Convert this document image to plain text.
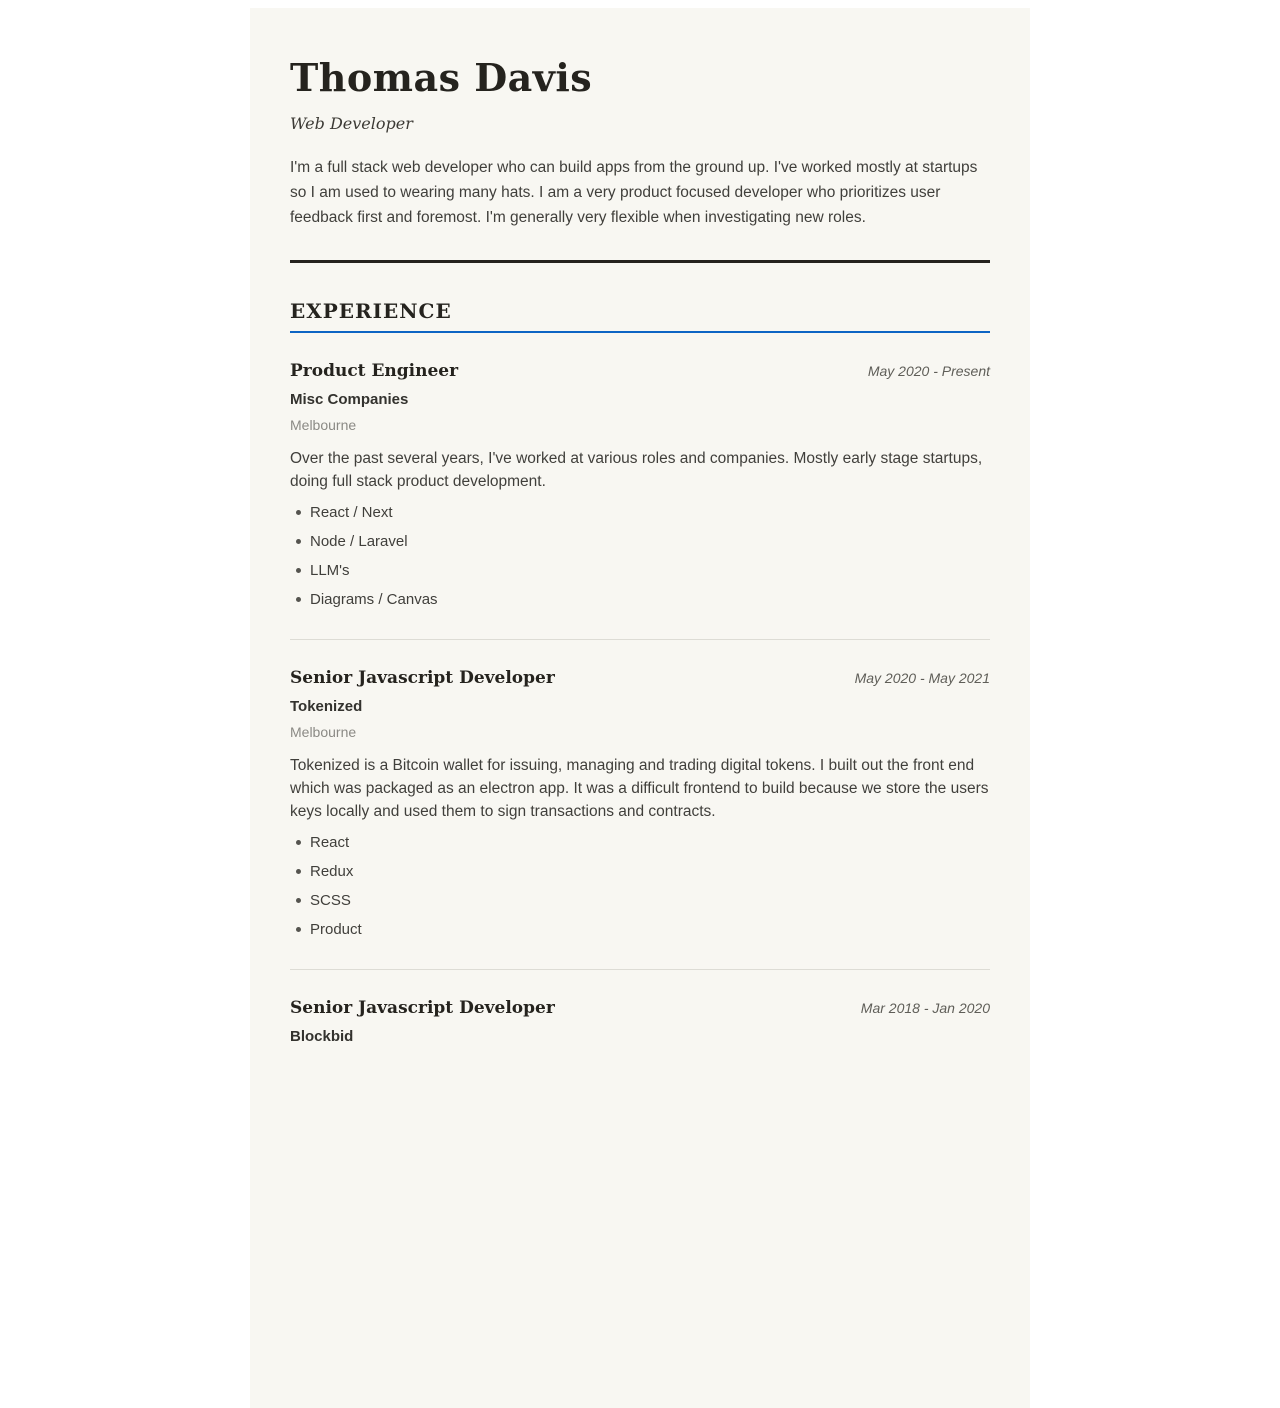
Thomas Davis
Web Developer

I'm a full stack web developer who can build apps from the ground up. I've worked mostly at startups so I am used to wearing many hats. I am a very product focused developer who prioritizes user feedback first and foremost. I'm generally very flexible when investigating new roles.

EXPERIENCE
Product Engineer	May 2020 - Present
Misc Companies
Melbourne

Over the past several years, I've worked at various roles and companies. Mostly early stage startups, doing full stack product development.

React / Next
Node / Laravel
LLM's
Diagrams / Canvas
Senior Javascript Developer	May 2020 - May 2021
Tokenized
Melbourne

Tokenized is a Bitcoin wallet for issuing, managing and trading digital tokens. I built out the front end which was packaged as an electron app. It was a difficult frontend to build because we store the users keys locally and used them to sign transactions and contracts.

React
Redux
SCSS
Product
Senior Javascript Developer	Mar 2018 - Jan 2020
Blockbid
